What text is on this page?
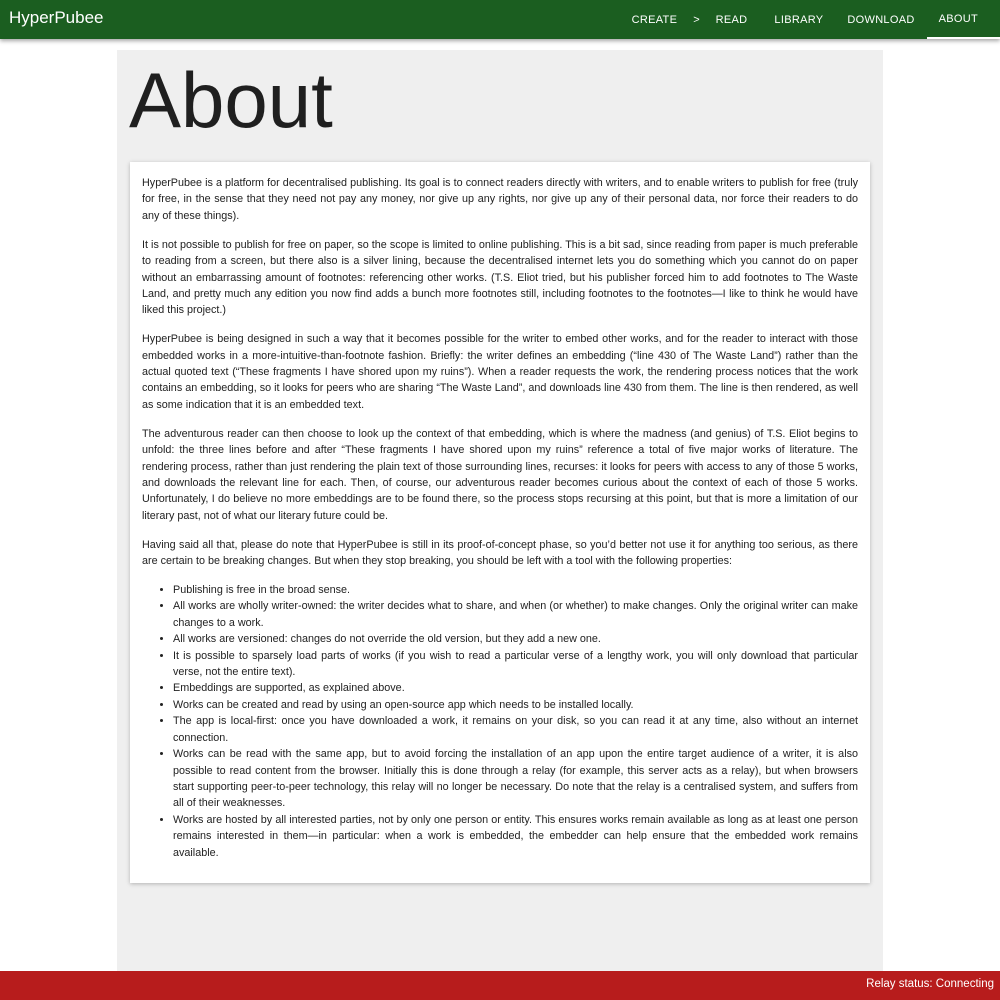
HyperPubee	CREATE	>	READ	LIBRARY	DOWNLOAD	ABOUT
About

HyperPubee is a platform for decentralised publishing. Its goal is to connect readers directly with writers, and to enable writers to publish for free (truly for free, in the sense that they need not pay any money, nor give up any rights, nor give up any of their personal data, nor force their readers to do any of these things).

It is not possible to publish for free on paper, so the scope is limited to online publishing. This is a bit sad, since reading from paper is much preferable to reading from a screen, but there also is a silver lining, because the decentralised internet lets you do something which you cannot do on paper without an embarrassing amount of footnotes: referencing other works. (T.S. Eliot tried, but his publisher forced him to add footnotes to The Waste Land, and pretty much any edition you now find adds a bunch more footnotes still, including footnotes to the footnotes—I like to think he would have liked this project.)

HyperPubee is being designed in such a way that it becomes possible for the writer to embed other works, and for the reader to interact with those embedded works in a more-intuitive-than-footnote fashion. Briefly: the writer defines an embedding (“line 430 of The Waste Land”) rather than the actual quoted text (“These fragments I have shored upon my ruins”). When a reader requests the work, the rendering process notices that the work contains an embedding, so it looks for peers who are sharing “The Waste Land”, and downloads line 430 from them. The line is then rendered, as well as some indication that it is an embedded text.

The adventurous reader can then choose to look up the context of that embedding, which is where the madness (and genius) of T.S. Eliot begins to unfold: the three lines before and after “These fragments I have shored upon my ruins” reference a total of five major works of literature. The rendering process, rather than just rendering the plain text of those surrounding lines, recurses: it looks for peers with access to any of those 5 works, and downloads the relevant line for each. Then, of course, our adventurous reader becomes curious about the context of each of those 5 works. Unfortunately, I do believe no more embeddings are to be found there, so the process stops recursing at this point, but that is more a limitation of our literary past, not of what our literary future could be.

Having said all that, please do note that HyperPubee is still in its proof-of-concept phase, so you’d better not use it for anything too serious, as there are certain to be breaking changes. But when they stop breaking, you should be left with a tool with the following properties:

• Publishing is free in the broad sense.
• All works are wholly writer-owned: the writer decides what to share, and when (or whether) to make changes. Only the original writer can make changes to a work.
• All works are versioned: changes do not override the old version, but they add a new one.
• It is possible to sparsely load parts of works (if you wish to read a particular verse of a lengthy work, you will only download that particular verse, not the entire text).
• Embeddings are supported, as explained above.
• Works can be created and read by using an open-source app which needs to be installed locally.
• The app is local-first: once you have downloaded a work, it remains on your disk, so you can read it at any time, also without an internet connection.
• Works can be read with the same app, but to avoid forcing the installation of an app upon the entire target audience of a writer, it is also possible to read content from the browser. Initially this is done through a relay (for example, this server acts as a relay), but when browsers start supporting peer-to-peer technology, this relay will no longer be necessary. Do note that the relay is a centralised system, and suffers from all of their weaknesses.
• Works are hosted by all interested parties, not by only one person or entity. This ensures works remain available as long as at least one person remains interested in them—in particular: when a work is embedded, the embedder can help ensure that the embedded work remains available.
Relay status: Connecting
